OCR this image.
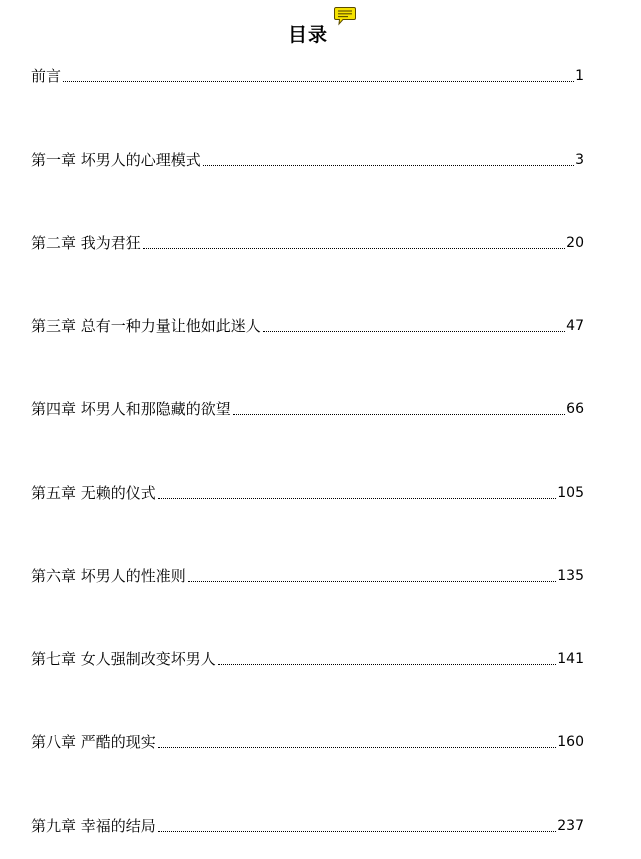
目录
前言	1
第一章 坏男人的心理模式	3
第二章 我为君狂	20
第三章 总有一种力量让他如此迷人	47
第四章 坏男人和那隐藏的欲望	66
第五章 无赖的仪式	105
第六章 坏男人的性准则	135
第七章 女人强制改变坏男人	141
第八章 严酷的现实	160
第九章 幸福的结局	237
